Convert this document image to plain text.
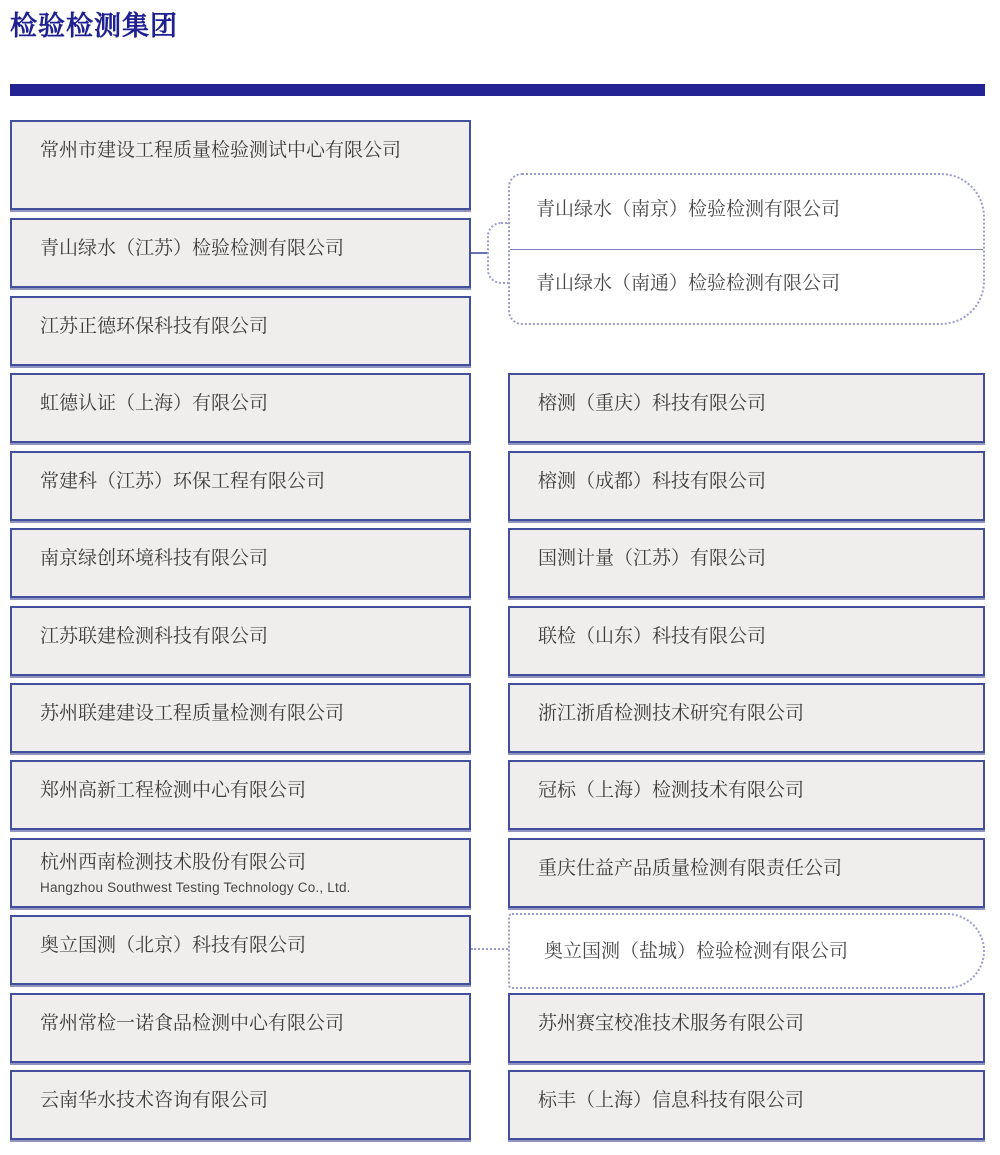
检验检测集团
常州市建设工程质量检验测试中心有限公司
青山绿水（江苏）检验检测有限公司
江苏正德环保科技有限公司
虹德认证（上海）有限公司
常建科（江苏）环保工程有限公司
南京绿创环境科技有限公司
江苏联建检测科技有限公司
苏州联建建设工程质量检测有限公司
郑州高新工程检测中心有限公司
杭州西南检测技术股份有限公司
Hangzhou Southwest Testing Technology Co., Ltd.
奥立国测（北京）科技有限公司
常州常检一诺食品检测中心有限公司
云南华水技术咨询有限公司
青山绿水（南京）检验检测有限公司
青山绿水（南通）检验检测有限公司
榕测（重庆）科技有限公司
榕测（成都）科技有限公司
国测计量（江苏）有限公司
联检（山东）科技有限公司
浙江浙盾检测技术研究有限公司
冠标（上海）检测技术有限公司
重庆仕益产品质量检测有限责任公司
奥立国测（盐城）检验检测有限公司
苏州赛宝校准技术服务有限公司
标丰（上海）信息科技有限公司
